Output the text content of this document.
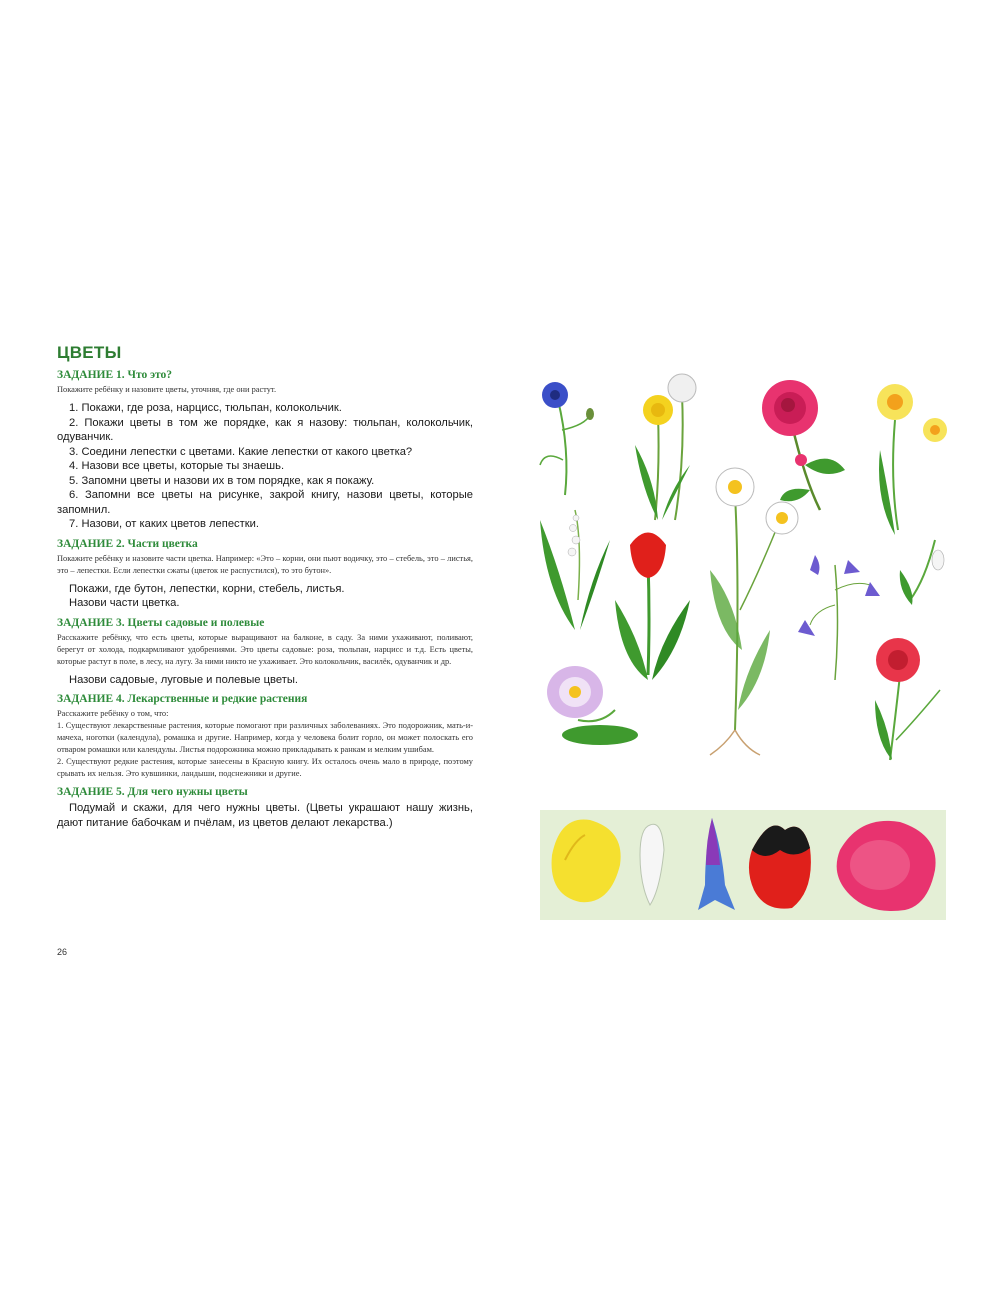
ЦВЕТЫ
ЗАДАНИЕ 1. Что это?
Покажите ребёнку и назовите цветы, уточняя, где они растут.
1. Покажи, где роза, нарцисс, тюльпан, колокольчик.
2. Покажи цветы в том же порядке, как я назову: тюльпан, колокольчик, одуванчик.
3. Соедини лепестки с цветами. Какие лепестки от какого цветка?
4. Назови все цветы, которые ты знаешь.
5. Запомни цветы и назови их в том порядке, как я покажу.
6. Запомни все цветы на рисунке, закрой книгу, назови цветы, которые запомнил.
7. Назови, от каких цветов лепестки.
ЗАДАНИЕ 2. Части цветка
Покажите ребёнку и назовите части цветка. Например: «Это – корни, они пьют водичку, это – стебель, это – листья, это – лепестки. Если лепестки сжаты (цветок не распустился), то это бутон».

Покажи, где бутон, лепестки, корни, стебель, листья.

Назови части цветка.

ЗАДАНИЕ 3. Цветы садовые и полевые
Расскажите ребёнку, что есть цветы, которые выращивают на балконе, в саду. За ними ухаживают, поливают, берегут от холода, подкармливают удобрениями. Это цветы садовые: роза, тюльпан, нарцисс и т.д. Есть цветы, которые растут в поле, в лесу, на лугу. За ними никто не ухаживает. Это колокольчик, василёк, одуванчик и др.

Назови садовые, луговые и полевые цветы.

ЗАДАНИЕ 4. Лекарственные и редкие растения

Расскажите ребёнку о том, что:

1. Существуют лекарственные растения, которые помогают при различных заболеваниях. Это подорожник, мать-и-мачеха, ноготки (календула), ромашка и другие. Например, когда у человека болит горло, он может полоскать его отваром ромашки или календулы. Листья подорожника можно прикладывать к ранкам и мелким ушибам.

2. Существуют редкие растения, которые занесены в Красную книгу. Их осталось очень мало в природе, поэтому срывать их нельзя. Это кувшинки, ландыши, подснежники и другие.

ЗАДАНИЕ 5. Для чего нужны цветы

Подумай и скажи, для чего нужны цветы. (Цветы украшают нашу жизнь, дают питание бабочкам и пчёлам, из цветов делают лекарства.)

26
